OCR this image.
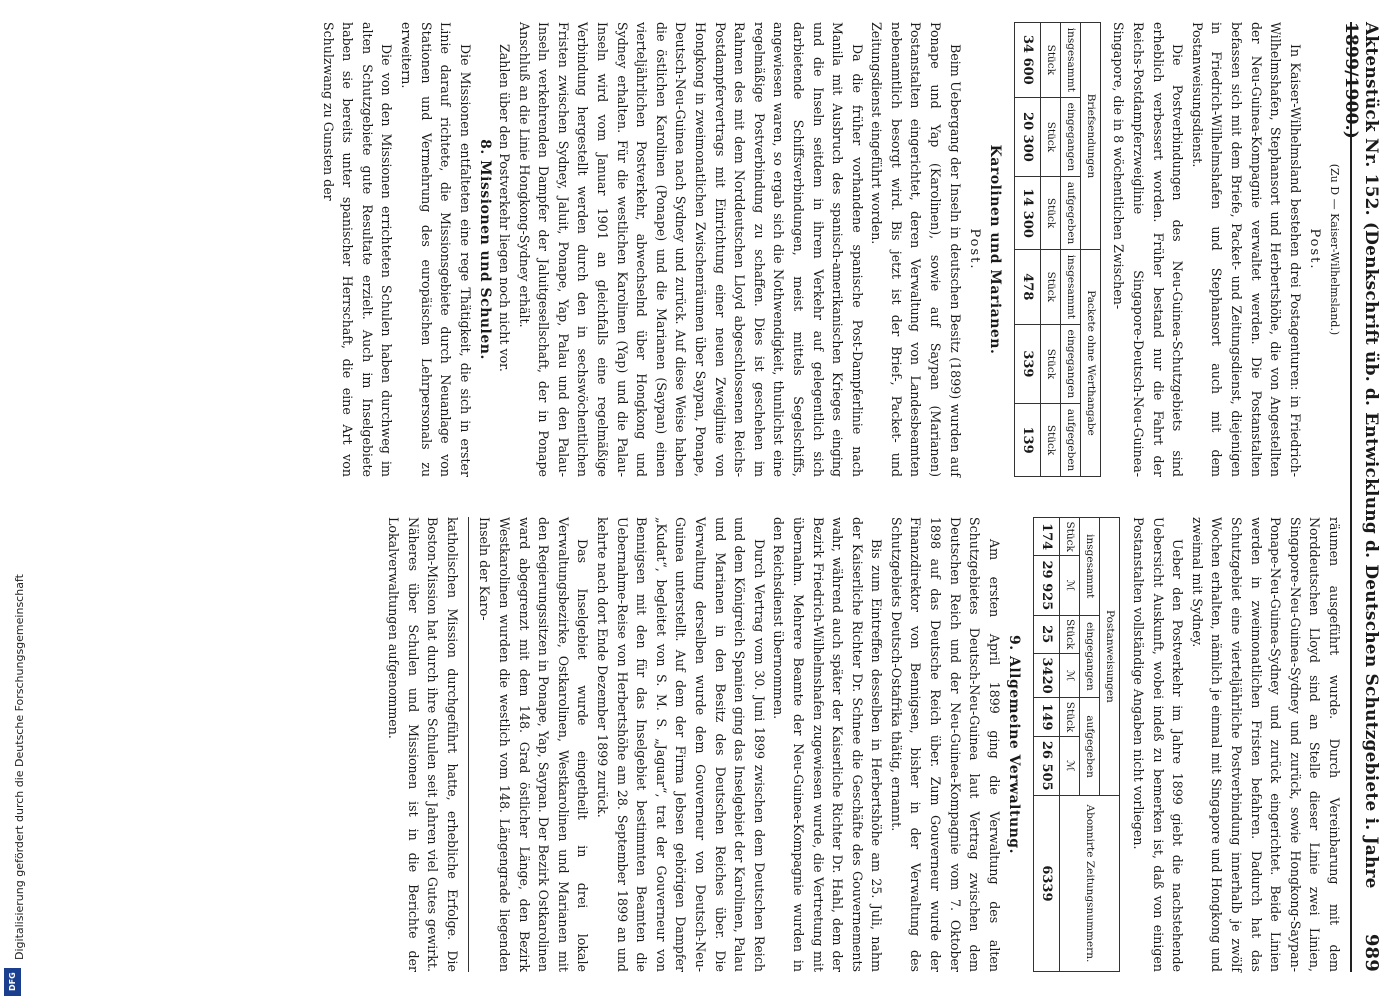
Digitalisierung gefördert durch die Deutsche Forschungsgemeinschaft
DFG
Aktenstück Nr. 152. (Denkschrift üb. d. Entwicklung d. Deutschen Schutzgebiete i. Jahre 1899/1900.)
989

(Zu D — Kaiser-Wilhelmsland.)

Post.

In Kaiser-Wilhelmsland bestehen drei Postagenturen: in Friedrich-Wilhelmshafen, Stephansort und Herbertshöhe, die von Angestellten der Neu-Guinea-Kompagnie verwaltet werden. Die Postanstalten befassen sich mit dem Briefe, Packet- und Zeitungsdienst, diejenigen in Friedrich-Wilhelmshafen und Stephansort auch mit dem Postanweisungsdienst.

Die Postverbindungen des Neu-Guinea-Schutzgebiets sind erheblich verbessert worden. Früher bestand nur die Fahrt der Reichs-Postdampferzweiglinie Singapore-Deutsch-Neu-Guinea-Singapore, die in 8 wöchentlichen Zwischen-

Briefsendungen			Packete ohne Werthangabe		
insgesammt	eingegangen	aufgegeben	insgesammt	eingegangen	aufgegeben
Stück	Stück	Stück	Stück	Stück	Stück
34 600	20 300	14 300	478	339	139

Karolinen und Marianen.

Post.

Beim Uebergang der Inseln in deutschen Besitz (1899) wurden auf Ponape und Yap (Karolinen), sowie auf Saypan (Marianen) Postanstalten eingerichtet, deren Verwaltung von Landesbeamten nebenamtlich besorgt wird. Bis jetzt ist der Brief-, Packet- und Zeitungsdienst eingeführt worden.

Da die früher vorhandene spanische Post-Dampferlinie nach Manila mit Ausbruch des spanisch-amerikanischen Krieges einging und die Inseln seitdem in ihrem Verkehr auf gelegentlich sich darbietende Schiffsverbindungen, meist mittels Segelschiffs, angewiesen waren, so ergab sich die Nothwendigkeit, thunlichst eine regelmäßige Postverbindung zu schaffen. Dies ist geschehen im Rahmen des mit dem Norddeutschen Lloyd abgeschlossenen Reichs-Postdampfervertrags mit Einrichtung einer neuen Zweiglinie von Hongkong in zweimonatlichen Zwischenräumen über Saypan, Ponape, Deutsch-Neu-Guinea nach Sydney und zurück. Auf diese Weise haben die östlichen Karolinen (Ponape) und die Marianen (Saypan) einen vierteljährlichen Postverkehr, abwechselnd über Hongkong und Sydney erhalten. Für die westlichen Karolinen (Yap) und die Palau-Inseln wird vom Januar 1901 an gleichfalls eine regelmäßige Verbindung hergestellt werden durch den in sechswöchentlichen Fristen zwischen Sydney, Jaluit, Ponape, Yap, Palau und den Palau-Inseln verkehrenden Dampfer der Jaluitgesellschaft, der in Ponape Anschluß an die Linie Hongkong-Sydney erhält.

Zahlen über den Postverkehr liegen noch nicht vor.

8. Missionen und Schulen.

Die Missionen entfalteten eine rege Thätigkeit, die sich in erster Linie darauf richtete, die Missionsgebiete durch Neuanlage von Stationen und Vermehrung des europäischen Lehrpersonals zu erweitern.

Die von den Missionen errichteten Schulen haben durchweg im alten Schutzgebiete gute Resultate erzielt. Auch im Inselgebiete haben sie bereits unter spanischer Herrschaft, die eine Art von Schulzwang zu Gunsten der

räumen ausgeführt wurde. Durch Vereinbarung mit dem Norddeutschen Lloyd sind an Stelle dieser Linie zwei Linien, Singapore-Neu-Guinea-Sydney und zurück, sowie Hongkong-Saypan-Ponape-Neu-Guinea-Sydney und zurück eingerichtet. Beide Linien werden in zweimonatlichen Fristen befahren. Dadurch hat das Schutzgebiet eine vierteljährliche Postverbindung innerhalb je zwölf Wochen erhalten, nämlich je einmal mit Singapore und Hongkong und zweimal mit Sydney.

Ueber den Postverkehr im Jahre 1899 giebt die nachstehende Uebersicht Auskunft, wobei indeß zu bemerken ist, daß von einigen Postanstalten vollständige Angaben nicht vorliegen.

Postanweisungen						Abonnirte Zeitungsnummern.
insgesammt		eingegangen		aufgegeben		
Stück	ℳ	Stück	ℳ	Stück	ℳ	
174	29 925	25	3420	149	26 505	6339

9. Allgemeine Verwaltung.

Am ersten April 1899 ging die Verwaltung des alten Schutzgebietes Deutsch-Neu-Guinea laut Vertrag zwischen dem Deutschen Reich und der Neu-Guinea-Kompagnie vom 7. Oktober 1898 auf das Deutsche Reich über. Zum Gouverneur wurde der Finanzdirektor von Bennigsen, bisher in der Verwaltung des Schutzgebiets Deutsch-Ostafrika thätig, ernannt.

Bis zum Eintreffen desselben in Herbertshöhe am 25. Juli, nahm der Kaiserliche Richter Dr. Schnee die Geschäfte des Gouvernements wahr, während auch später der Kaiserliche Richter Dr. Hahl, dem der Bezirk Friedrich-Wilhelmshafen zugewiesen wurde, die Vertretung mit übernahm. Mehrere Beamte der Neu-Guinea-Kompagnie wurden in den Reichsdienst übernommen.

Durch Vertrag vom 30. Juni 1899 zwischen dem Deutschen Reich und dem Königreich Spanien ging das Inselgebiet der Karolinen, Palau und Marianen in den Besitz des Deutschen Reiches über. Die Verwaltung derselben wurde dem Gouverneur von Deutsch-Neu-Guinea unterstellt. Auf dem der Firma Jebsen gehörigen Dampfer „Kudat“, begleitet von S. M. S. „Jaguar“, trat der Gouverneur von Bennigsen mit den für das Inselgebiet bestimmten Beamten die Uebernahme-Reise von Herbertshöhe am 28. September 1899 an und kehrte nach dort Ende Dezember 1899 zurück.

Das Inselgebiet wurde eingetheilt in drei lokale Verwaltungsbezirke, Ostkarolinen, Westkarolinen und Marianen mit den Regierungssitzen in Ponape, Yap, Saypan. Der Bezirk Ostkarolinen ward abgegrenzt mit dem 148. Grad östlicher Länge, den Bezirk Westkarolinen wurden die westlich vom 148. Längengrade liegenden Inseln der Karo-

katholischen Mission durchgeführt hatte, erhebliche Erfolge. Die Boston-Mission hat durch ihre Schulen seit Jahren viel Gutes gewirkt. Näheres über Schulen und Missionen ist in die Berichte der Lokalverwaltungen aufgenommen.
